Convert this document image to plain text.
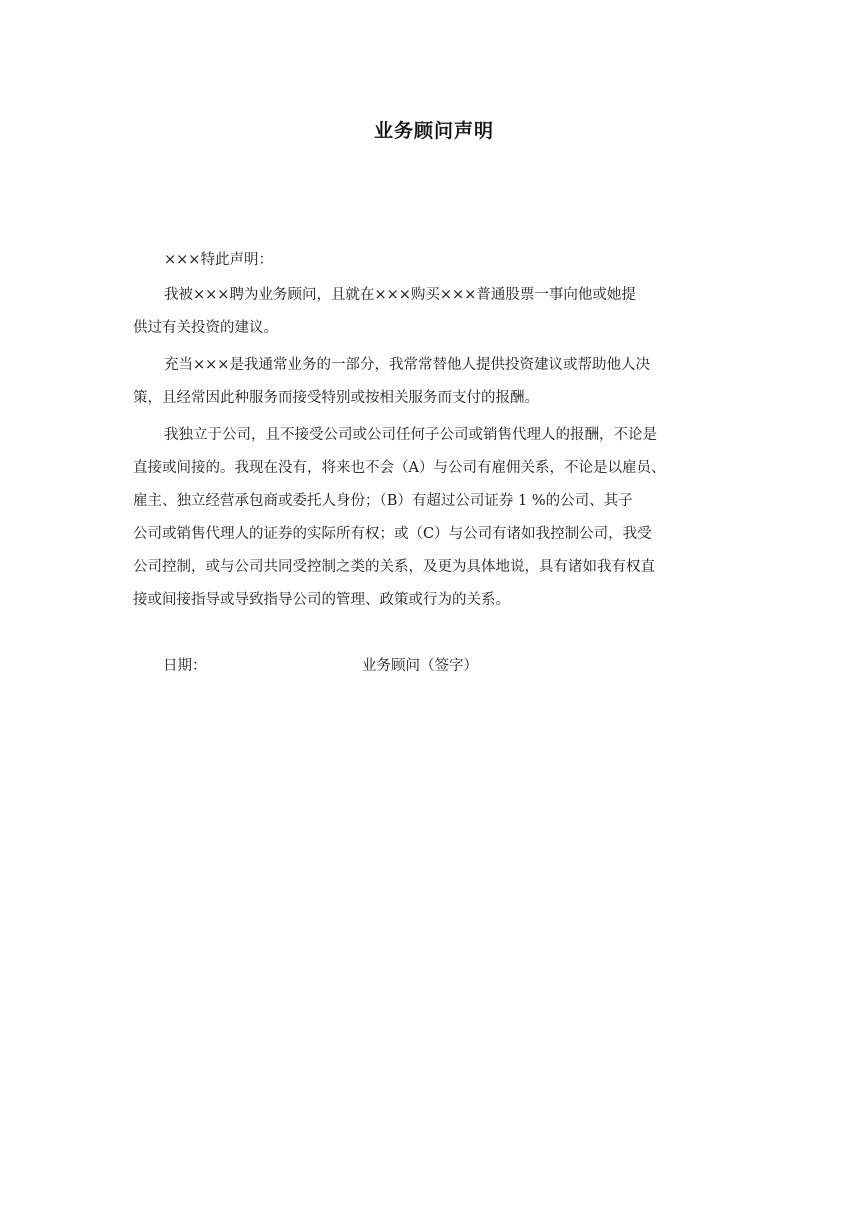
业务顾问声明

×××特此声明：

我被×××聘为业务顾问，且就在×××购买×××普通股票一事向他或她提
供过有关投资的建议。

充当×××是我通常业务的一部分，我常常替他人提供投资建议或帮助他人决
策，且经常因此种服务而接受特别或按相关服务而支付的报酬。

我独立于公司，且不接受公司或公司任何子公司或销售代理人的报酬，不论是
直接或间接的。我现在没有，将来也不会（A）与公司有雇佣关系，不论是以雇员、
雇主、独立经营承包商或委托人身份；（B）有超过公司证券 1 %的公司、其子
公司或销售代理人的证券的实际所有权；或（C）与公司有诸如我控制公司，我受
公司控制，或与公司共同受控制之类的关系，及更为具体地说，具有诸如我有权直
接或间接指导或导致指导公司的管理、政策或行为的关系。

日期：	业务顾问（签字）
